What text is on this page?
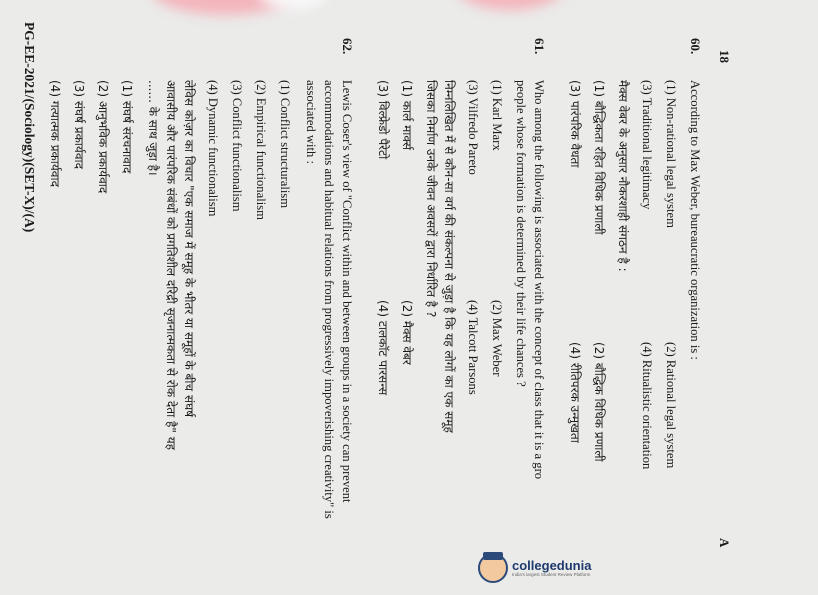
18
A
60.
According to Max Weber, bureaucratic organization is :
(1) Non-rational legal system
(2) Rational legal system
(3) Traditional legitimacy
(4) Ritualistic orientation
मैक्स वेबर के अनुसार नौकरशाही संगठन है :
(1) बौद्धिकता रहित विधिक प्रणाली
(2) बौद्धिक विधिक प्रणाली
(3) पारंपरिक वैधता
(4) रीतिपरक उन्मुखता
61.
Who among the following is associated with the concept of class that it is a gro
people whose formation is determined by their life chances ?
(1) Karl Marx
(2) Max Weber
(3) Vilfredo Pareto
(4) Talcott Parsons
निम्नलिखित में से कौन-सा वर्ग की संकल्पना से जुड़ा है कि यह लोगों का एक समूह
जिसका निर्माण उनके जीवन अवसरों द्वारा निर्धारित है ?
(1) कार्ल मार्क्स
(2) मैक्स वेबर
(3) विल्फ्रेडो पैरेटो
(4) टालकॉट पारसन्स
62.
Lewis Coser's view of "Conflict within and between groups in a society can prevent
accommodations and habitual relations from progressively impoverishing creativity" is
associated with :
(1) Conflict structuralism
(2) Empirical functionalism
(3) Conflict functionalism
(4) Dynamic functionalism
लेविस कोज़र का विचार "एक समाज में समूह के भीतर या समूहों के बीच संघर्ष
आवासीय और पारंपरिक संबंधों को प्रगतिशील दरिद्री सृजनात्मकता से रोक देता है" यह
...... के साथ जुड़ा है।
(1) संघर्ष संरचनावाद
(2) आनुभविक प्रकार्यवाद
(3) संघर्ष प्रकार्यवाद
(4) गत्यात्मक प्रकार्यवाद
PG-EE-2021/(Sociology)(SET-X)/(A)
collegedunia
India's largest Student Review Platform
